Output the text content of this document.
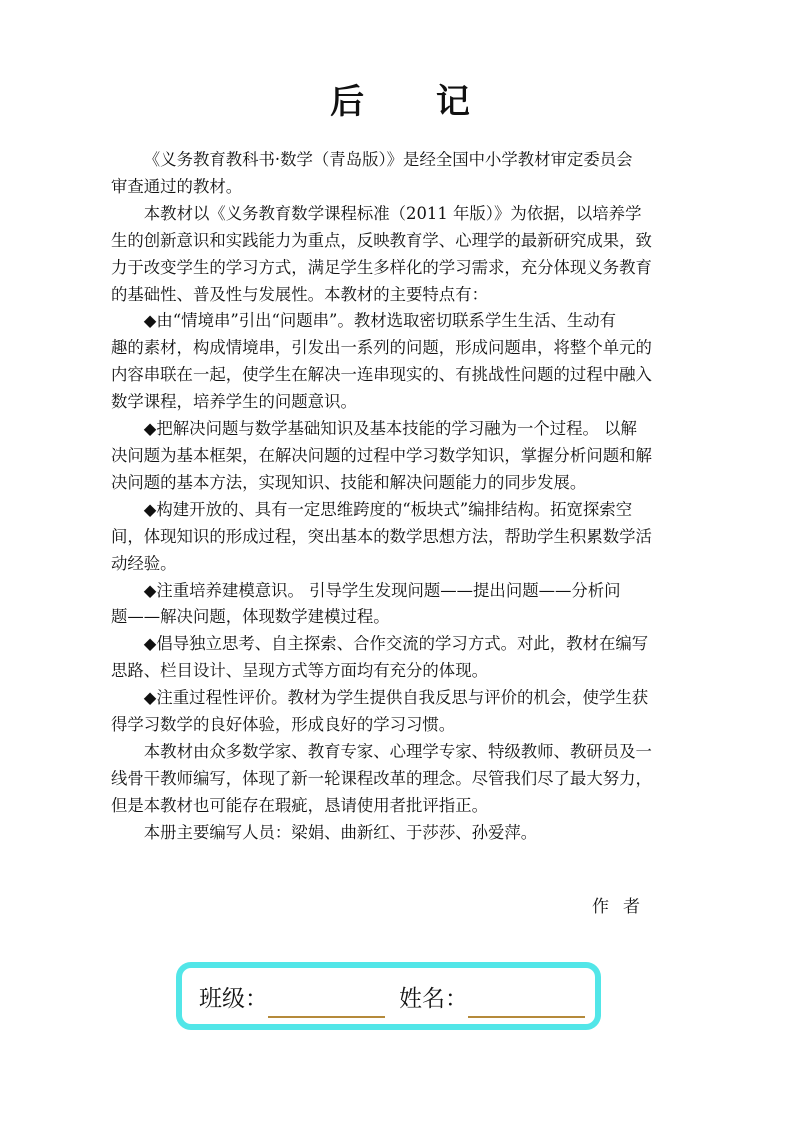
后 记

《义务教育教科书·数学（青岛版）》是经全国中小学教材审定委员会
审查通过的教材。

本教材以《义务教育数学课程标准（2011 年版）》为依据，以培养学
生的创新意识和实践能力为重点，反映教育学、心理学的最新研究成果，致
力于改变学生的学习方式，满足学生多样化的学习需求，充分体现义务教育
的基础性、普及性与发展性。本教材的主要特点有：

◆由“情境串”引出“问题串”。教材选取密切联系学生生活、生动有
趣的素材，构成情境串，引发出一系列的问题，形成问题串，将整个单元的
内容串联在一起，使学生在解决一连串现实的、有挑战性问题的过程中融入
数学课程，培养学生的问题意识。

◆把解决问题与数学基础知识及基本技能的学习融为一个过程。 以解
决问题为基本框架，在解决问题的过程中学习数学知识，掌握分析问题和解
决问题的基本方法，实现知识、技能和解决问题能力的同步发展。

◆构建开放的、具有一定思维跨度的“板块式”编排结构。拓宽探索空
间，体现知识的形成过程，突出基本的数学思想方法，帮助学生积累数学活
动经验。

◆注重培养建模意识。 引导学生发现问题——提出问题——分析问
题——解决问题，体现数学建模过程。

◆倡导独立思考、自主探索、合作交流的学习方式。对此，教材在编写
思路、栏目设计、呈现方式等方面均有充分的体现。

◆注重过程性评价。教材为学生提供自我反思与评价的机会，使学生获
得学习数学的良好体验，形成良好的学习习惯。

本教材由众多数学家、教育专家、心理学专家、特级教师、教研员及一
线骨干教师编写，体现了新一轮课程改革的理念。尽管我们尽了最大努力，
但是本教材也可能存在瑕疵，恳请使用者批评指正。

本册主要编写人员：梁娟、曲新红、于莎莎、孙爱萍。

作者

班级：	姓名：
